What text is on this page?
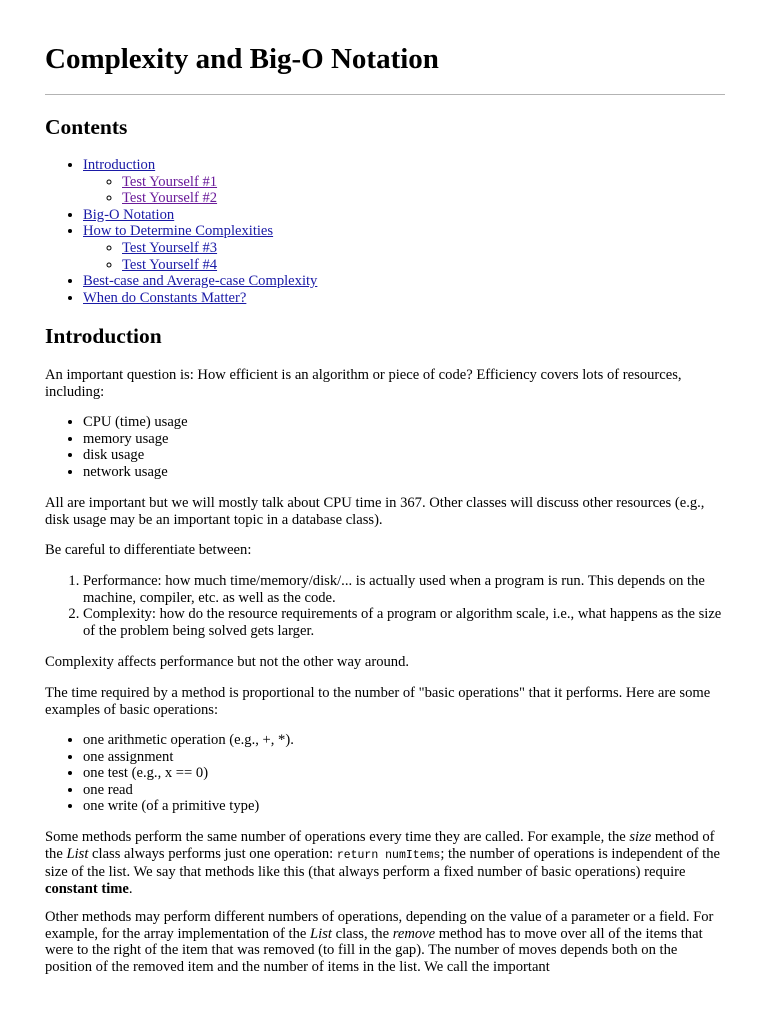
Complexity and Big-O Notation
Contents
• Introduction
◦ Test Yourself #1
◦ Test Yourself #2
• Big-O Notation
• How to Determine Complexities
◦ Test Yourself #3
◦ Test Yourself #4
• Best-case and Average-case Complexity
• When do Constants Matter?
Introduction

An important question is: How efficient is an algorithm or piece of code? Efficiency covers lots of resources, including:

• CPU (time) usage
• memory usage
• disk usage
• network usage

All are important but we will mostly talk about CPU time in 367. Other classes will discuss other resources (e.g., disk usage may be an important topic in a database class).

Be careful to differentiate between:

1. Performance: how much time/memory/disk/... is actually used when a program is run. This depends on the machine, compiler, etc. as well as the code.
2. Complexity: how do the resource requirements of a program or algorithm scale, i.e., what happens as the size of the problem being solved gets larger.

Complexity affects performance but not the other way around.

The time required by a method is proportional to the number of "basic operations" that it performs. Here are some examples of basic operations:

• one arithmetic operation (e.g., +, *).
• one assignment
• one test (e.g., x == 0)
• one read
• one write (of a primitive type)

Some methods perform the same number of operations every time they are called. For example, the size method of the List class always performs just one operation: return numItems; the number of operations is independent of the size of the list. We say that methods like this (that always perform a fixed number of basic operations) require constant time.

Other methods may perform different numbers of operations, depending on the value of a parameter or a field. For example, for the array implementation of the List class, the remove method has to move over all of the items that were to the right of the item that was removed (to fill in the gap). The number of moves depends both on the position of the removed item and the number of items in the list. We call the important
